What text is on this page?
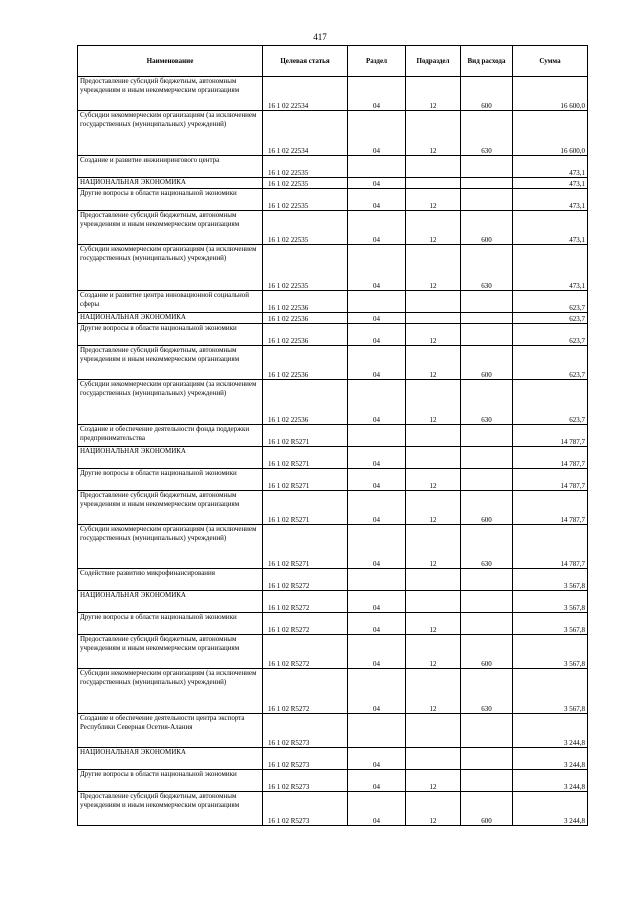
417
Наименование	Целевая статья	Раздел	Подраздел	Вид расхода	Сумма
Предоставление субсидий бюджетным, автономным учреждениям и иным некоммерческим организациям	16 1 02 22534	04	12	600	16 600,0
Субсидии некоммерческим организациям (за исключением государственных (муниципальных) учреждений)	16 1 02 22534	04	12	630	16 600,0
Создание и развитие инжинирингового центра	16 1 02 22535				473,1
НАЦИОНАЛЬНАЯ ЭКОНОМИКА	16 1 02 22535	04			473,1
Другие вопросы в области национальной экономики	16 1 02 22535	04	12		473,1
Предоставление субсидий бюджетным, автономным учреждениям и иным некоммерческим организациям	16 1 02 22535	04	12	600	473,1
Субсидии некоммерческим организациям (за исключением государственных (муниципальных) учреждений)	16 1 02 22535	04	12	630	473,1
Создание и развитие центра инновационной социальной сферы	16 1 02 22536				623,7
НАЦИОНАЛЬНАЯ ЭКОНОМИКА	16 1 02 22536	04			623,7
Другие вопросы в области национальной экономики	16 1 02 22536	04	12		623,7
Предоставление субсидий бюджетным, автономным учреждениям и иным некоммерческим организациям	16 1 02 22536	04	12	600	623,7
Субсидии некоммерческим организациям (за исключением государственных (муниципальных) учреждений)	16 1 02 22536	04	12	630	623,7
Создание и обеспечение деятельности фонда поддержки предпринимательства	16 1 02 R5271				14 787,7
НАЦИОНАЛЬНАЯ ЭКОНОМИКА	16 1 02 R5271	04			14 787,7
Другие вопросы в области национальной экономики	16 1 02 R5271	04	12		14 787,7
Предоставление субсидий бюджетным, автономным учреждениям и иным некоммерческим организациям	16 1 02 R5271	04	12	600	14 787,7
Субсидии некоммерческим организациям (за исключением государственных (муниципальных) учреждений)	16 1 02 R5271	04	12	630	14 787,7
Содействие развитию микрофинансирования	16 1 02 R5272				3 567,8
НАЦИОНАЛЬНАЯ ЭКОНОМИКА	16 1 02 R5272	04			3 567,8
Другие вопросы в области национальной экономики	16 1 02 R5272	04	12		3 567,8
Предоставление субсидий бюджетным, автономным учреждениям и иным некоммерческим организациям	16 1 02 R5272	04	12	600	3 567,8
Субсидии некоммерческим организациям (за исключением государственных (муниципальных) учреждений)	16 1 02 R5272	04	12	630	3 567,8
Создание и обеспечение деятельности центра экспорта Республики Северная Осетия-Алания	16 1 02 R5273				3 244,8
НАЦИОНАЛЬНАЯ ЭКОНОМИКА	16 1 02 R5273	04			3 244,8
Другие вопросы в области национальной экономики	16 1 02 R5273	04	12		3 244,8
Предоставление субсидий бюджетным, автономным учреждениям и иным некоммерческим организациям	16 1 02 R5273	04	12	600	3 244,8
